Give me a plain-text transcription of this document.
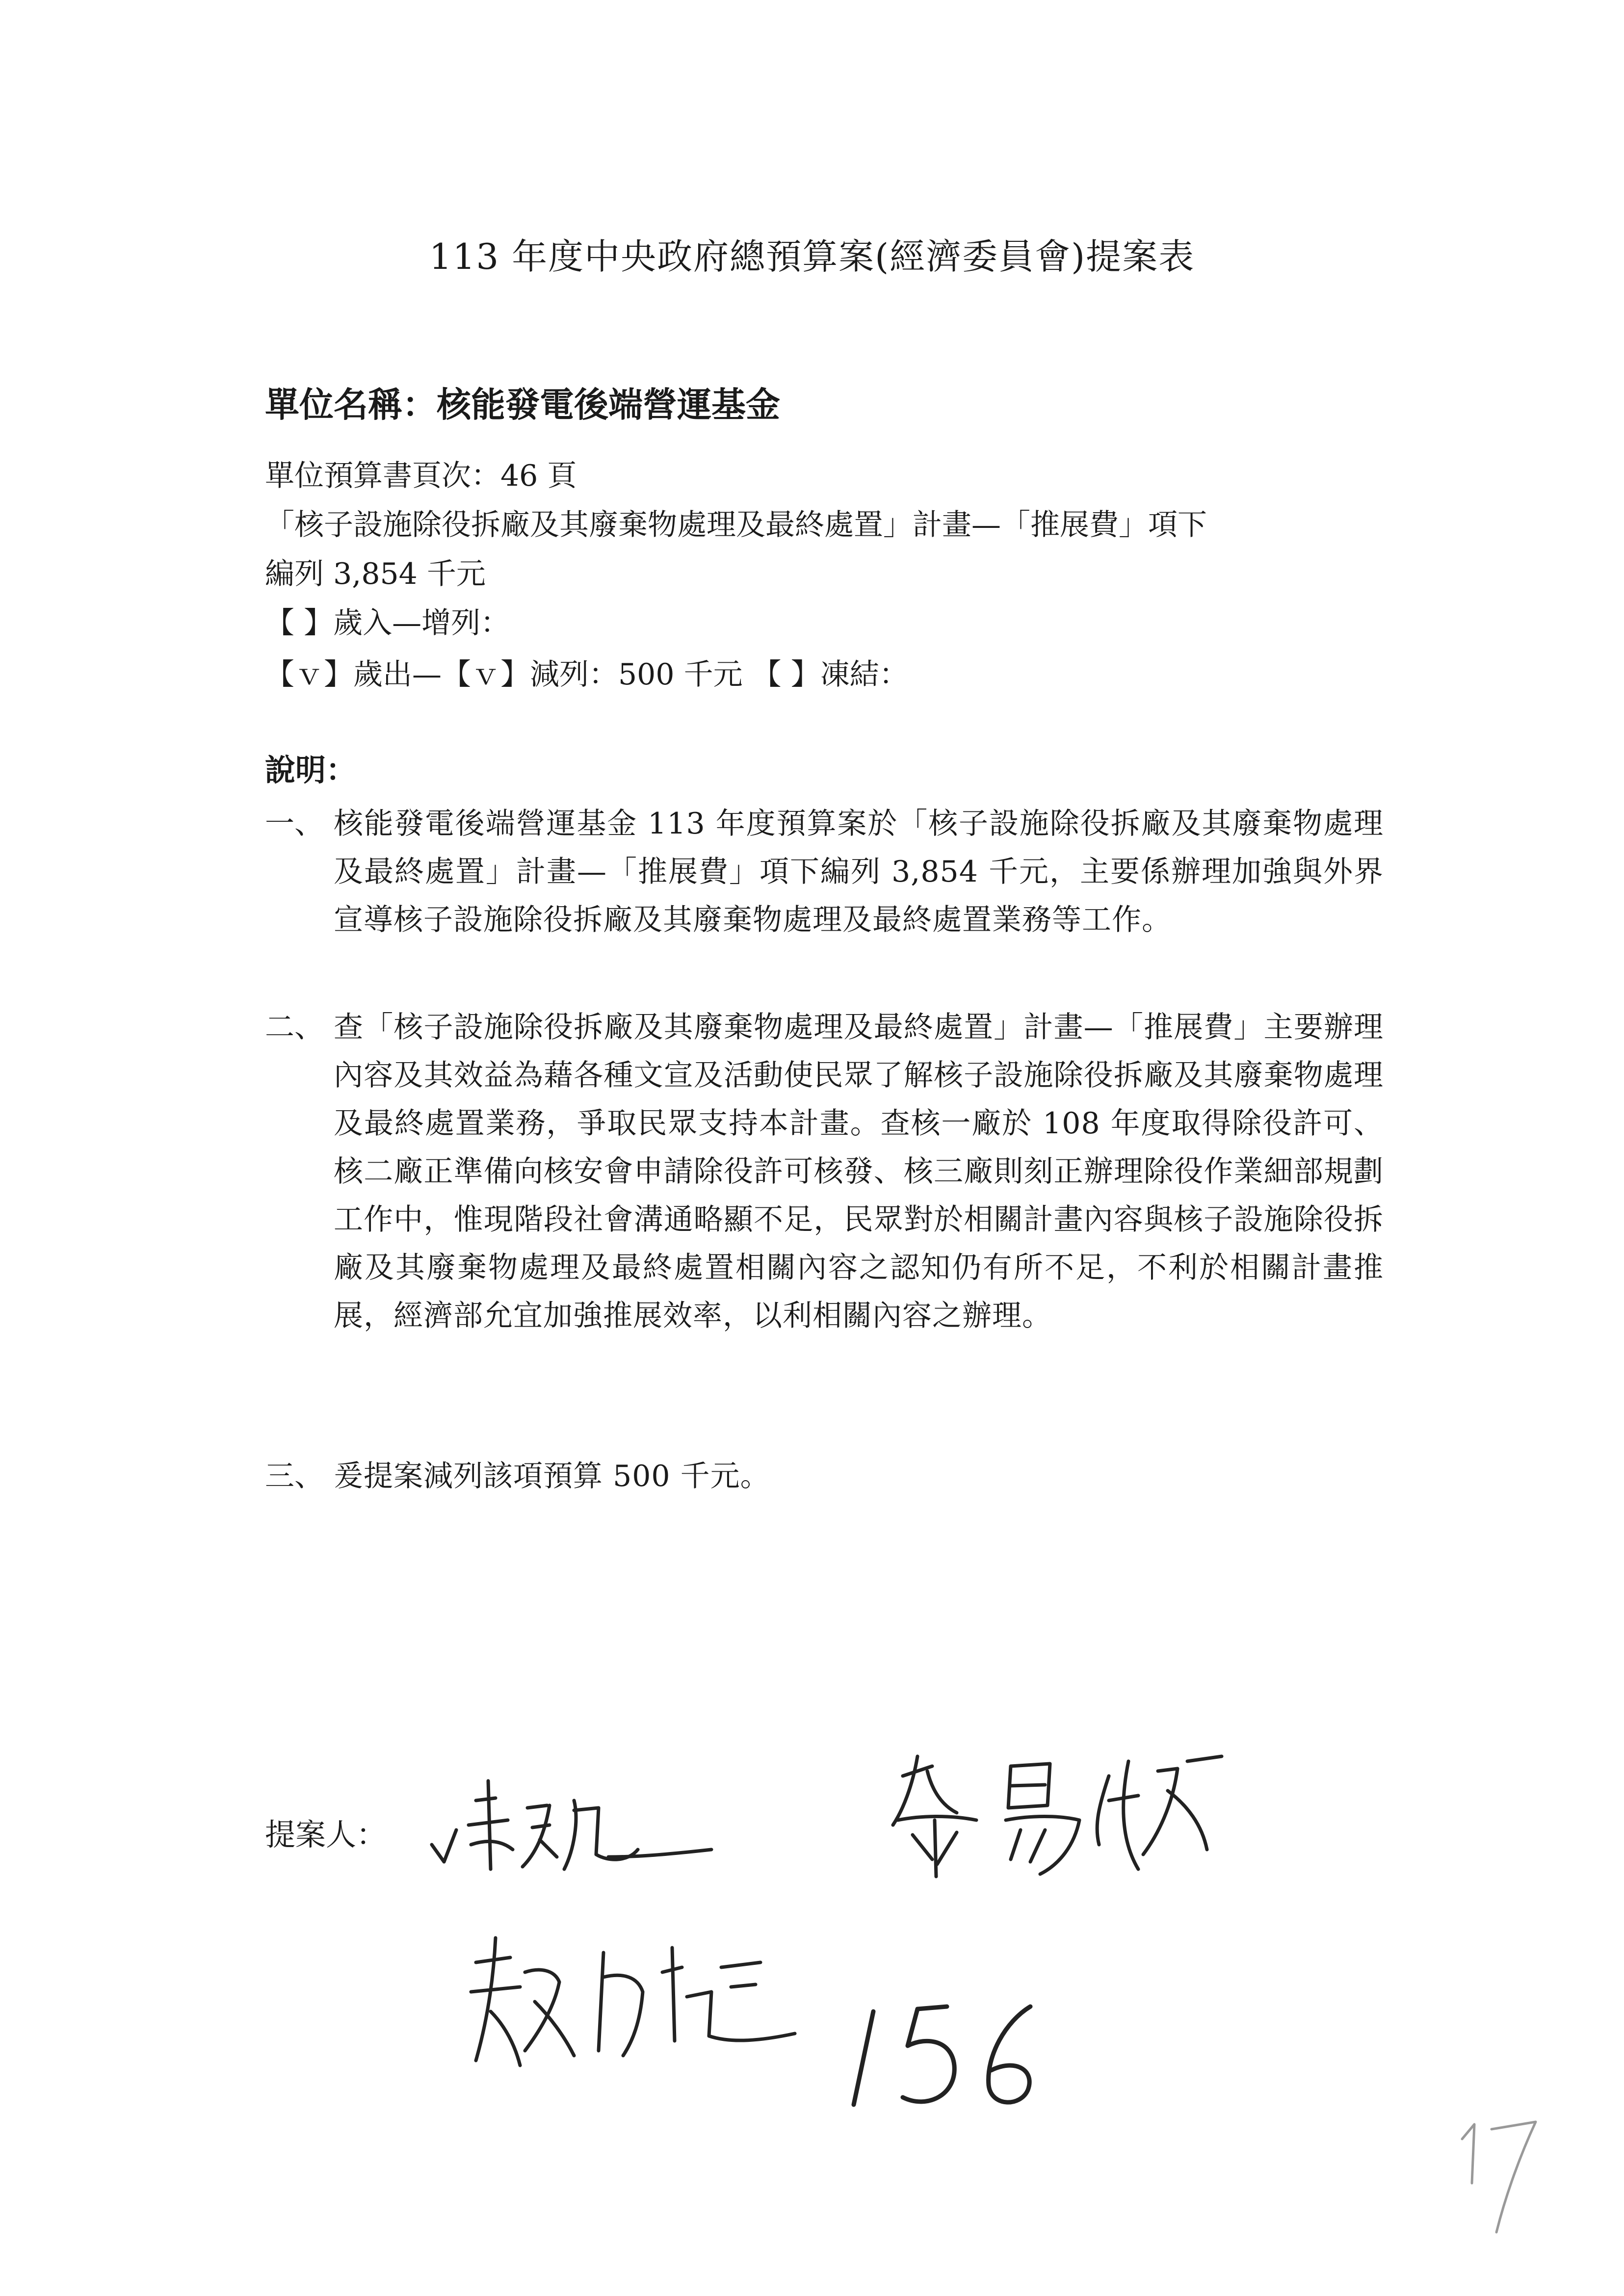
113 年度中央政府總預算案(經濟委員會)提案表
單位名稱：核能發電後端營運基金
單位預算書頁次：46 頁
「核子設施除役拆廠及其廢棄物處理及最終處置」計畫—「推展費」項下
編列 3,854 千元
【 】歲入—增列：
【ｖ】歲出—【ｖ】減列：500 千元 【 】凍結：
說明：
一、 核能發電後端營運基金 113 年度預算案於「核子設施除役拆廠及其廢棄物處理及最終處置」計畫—「推展費」項下編列 3,854 千元，主要係辦理加強與外界宣導核子設施除役拆廠及其廢棄物處理及最終處置業務等工作。
二、 查「核子設施除役拆廠及其廢棄物處理及最終處置」計畫—「推展費」主要辦理內容及其效益為藉各種文宣及活動使民眾了解核子設施除役拆廠及其廢棄物處理及最終處置業務，爭取民眾支持本計畫。查核一廠於 108 年度取得除役許可、核二廠正準備向核安會申請除役許可核發、核三廠則刻正辦理除役作業細部規劃工作中，惟現階段社會溝通略顯不足，民眾對於相關計畫內容與核子設施除役拆廠及其廢棄物處理及最終處置相關內容之認知仍有所不足，不利於相關計畫推展，經濟部允宜加強推展效率，以利相關內容之辦理。
三、 爰提案減列該項預算 500 千元。
提案人：
